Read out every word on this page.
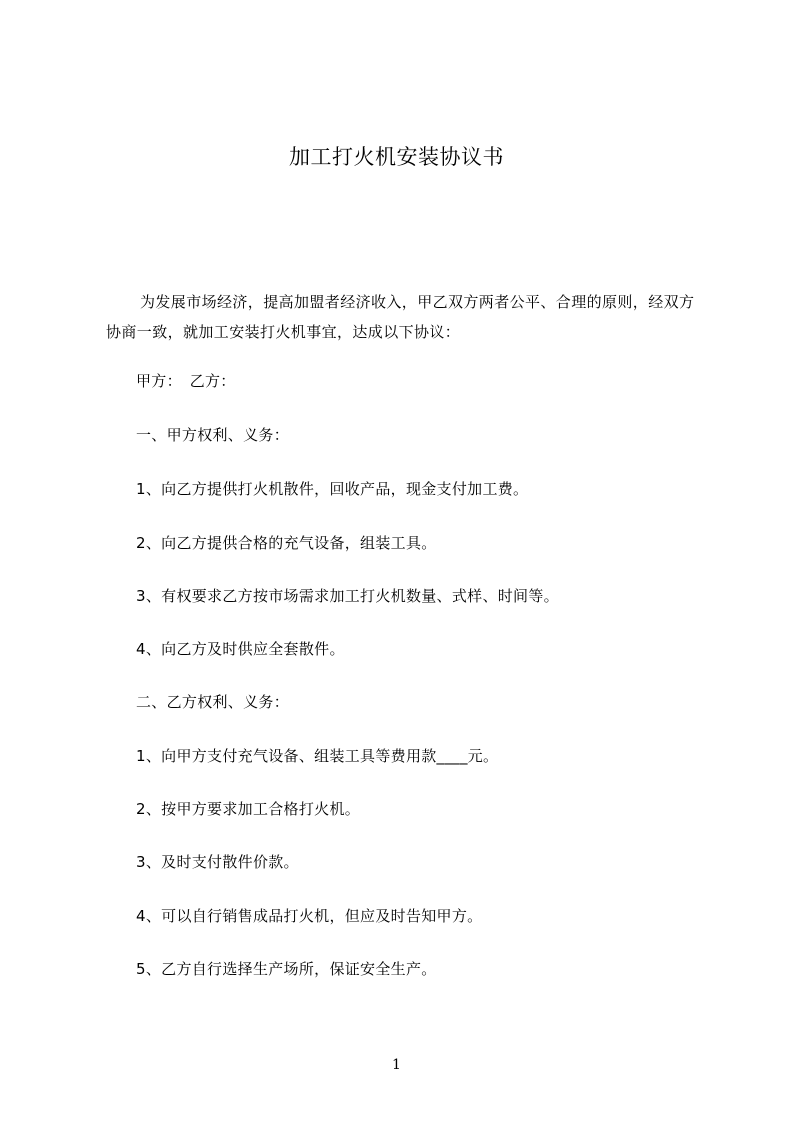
加工打火机安装协议书
为发展市场经济，提高加盟者经济收入，甲乙双方两者公平、合理的原则，经双方协商一致，就加工安装打火机事宜，达成以下协议：
甲方：　乙方：
一、甲方权利、义务：
1、向乙方提供打火机散件，回收产品，现金支付加工费。
2、向乙方提供合格的充气设备，组装工具。
3、有权要求乙方按市场需求加工打火机数量、式样、时间等。
4、向乙方及时供应全套散件。
二、乙方权利、义务：
1、向甲方支付充气设备、组装工具等费用款____元。
2、按甲方要求加工合格打火机。
3、及时支付散件价款。
4、可以自行销售成品打火机，但应及时告知甲方。
5、乙方自行选择生产场所，保证安全生产。
1
